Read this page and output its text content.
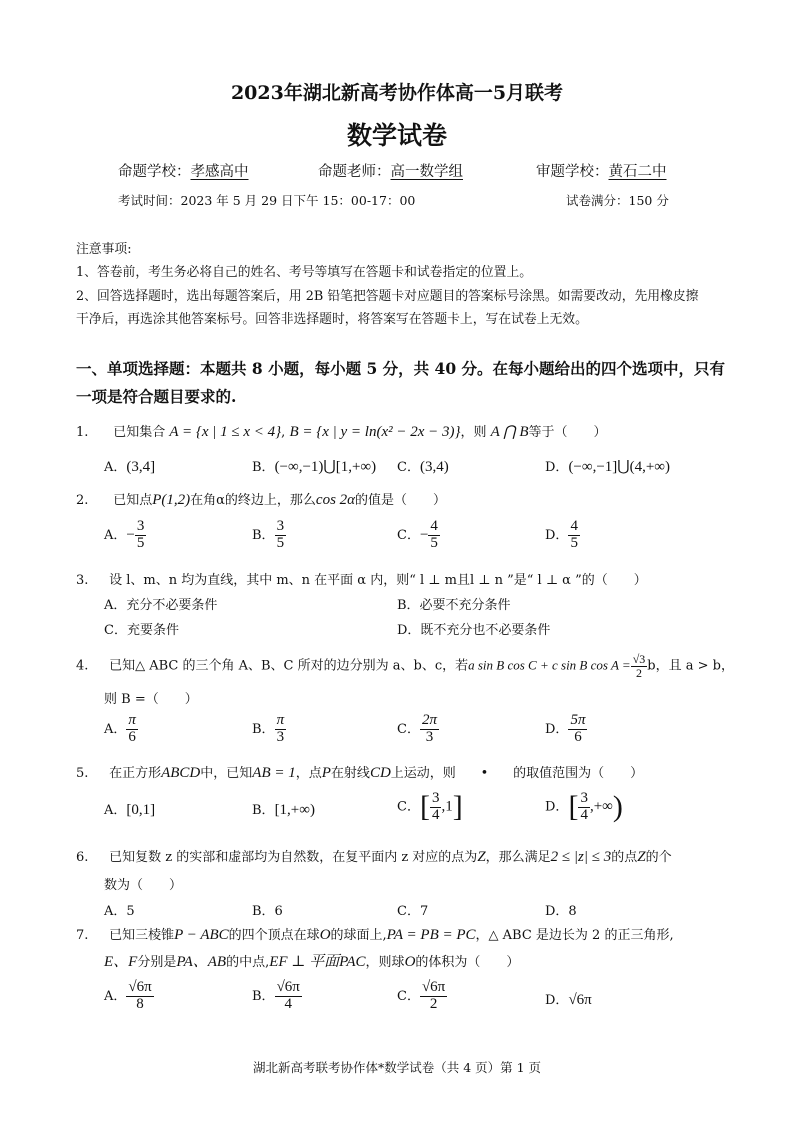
2023年湖北新高考协作体高一5月联考
数学试卷
命题学校：孝感高中	命题老师：高一数学组	审题学校：黄石二中
考试时间：2023 年 5 月 29 日下午 15：00-17：00	试卷满分：150 分
注意事项:
1、答卷前，考生务必将自己的姓名、考号等填写在答题卡和试卷指定的位置上。
2、回答选择题时，选出每题答案后，用 2B 铅笔把答题卡对应题目的答案标号涂黑。如需要改动，先用橡皮擦
干净后，再选涂其他答案标号。回答非选择题时，将答案写在答题卡上，写在试卷上无效。
一、单项选择题：本题共 8 小题，每小题 5 分，共 40 分。在每小题给出的四个选项中，只有
一项是符合题目要求的.
1. 已知集合 A = {x | 1 ≤ x < 4}, B = {x | y = ln(x² − 2x − 3)}，则 A ⋂ B等于（　　）
A．(3,4]	B．(−∞,−1)⋃[1,+∞) C．(3,4)	D．(−∞,−1]⋃(4,+∞)
2. 已知点P(1,2)在角α的终边上，那么cos 2α的值是（　　）
A．− $\frac{3}{5}$	B． $\frac{3}{5}$	C．− $\frac{4}{5}$	D． $\frac{4}{5}$
3. 设 l、m、n 均为直线，其中 m、n 在平面 α 内，则“ l ⊥ m且l ⊥ n ”是“ l ⊥ α ”的（　　）
A．充分不必要条件	B．必要不充分条件
C．充要条件	D．既不充分也不必要条件
4. 已知△ ABC 的三个角 A、B、C 所对的边分别为 a、b、c，若a sin B cos C + c sin B $\cos A = \frac{√3}{2}$ b，且 a > b，
则 B =（　　）
A． $\frac{\pi}{6}$	B． $\frac{\pi}{3}$	C． $\frac{2\pi}{3}$	D． $\frac{5\pi}{6}$
5. 在正方形ABCD中，已知AB = 1，点P在射线CD上运动，则 • 的取值范围为（　　）
A．[0,1]	B．[1,+∞)	C．[ $\frac{3}{4} ,1$]	D．[ $\frac{3}{4}$ ,+∞)
6. 已知复数 z 的实部和虚部均为自然数，在复平面内 z 对应的点为Z，那么满足2 ≤ |z| ≤ 3的点Z的个
数为（　　）
A．5	B．6	C．7	D．8
7. 已知三棱锥P − ABC的四个顶点在球O的球面上,PA = PB = PC，△ ABC 是边长为 2 的正三角形,
E、F分别是PA、AB的中点,EF ⊥ 平面PAC，则球O的体积为（　　）
A． $\frac{√6\pi}{8}$	B． $\frac{√6\pi}{4}$	C． $\frac{√6\pi}{2}$	D．√6π
湖北新高考联考协作体*数学试卷（共 4 页）第 1 页
